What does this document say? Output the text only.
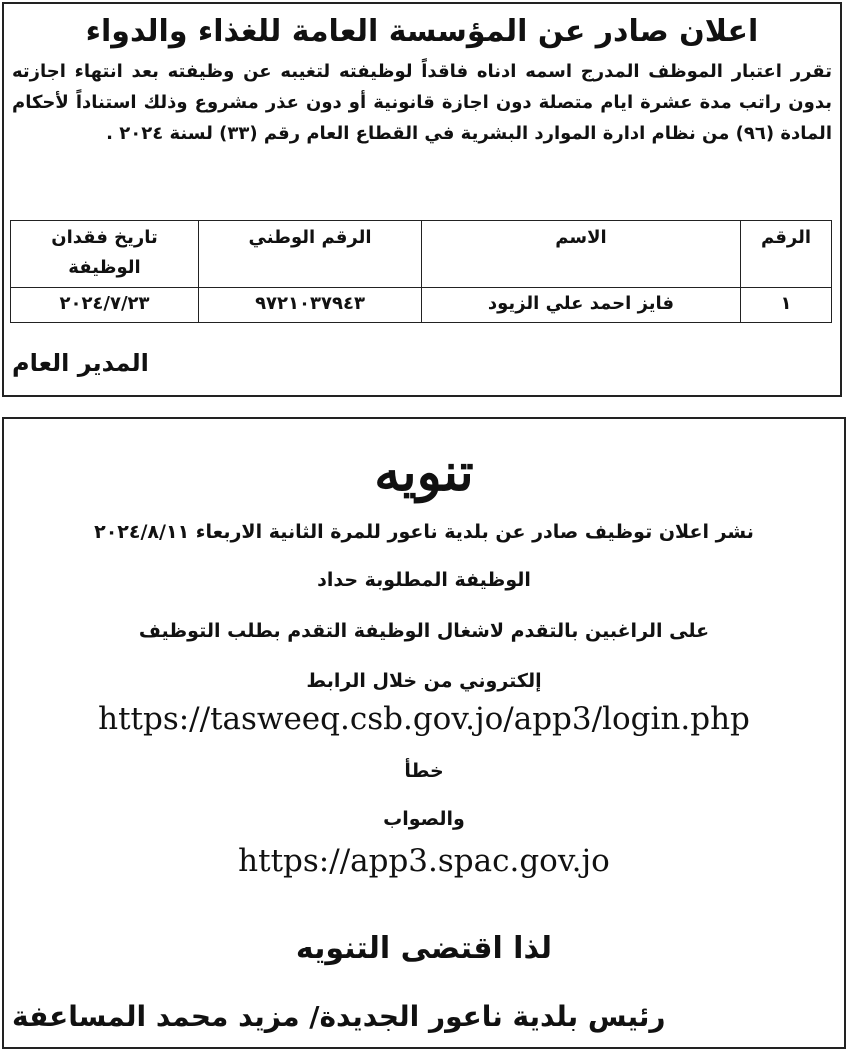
اعلان صادر عن المؤسسة العامة للغذاء والدواء
تقرر اعتبار الموظف المدرج اسمه ادناه فاقداً لوظيفته لتغيبه عن وظيفته بعد انتهاء اجازته بدون راتب مدة عشرة ايام متصلة دون اجازة قانونية أو دون عذر مشروع وذلك استناداً لأحكام المادة (٩٦) من نظام ادارة الموارد البشرية في القطاع العام رقم (٣٣) لسنة ٢٠٢٤ .
الرقم	الاسم	الرقم الوطني	تاريخ فقدان الوظيفة
١	فايز احمد علي الزيود	٩٧٢١٠٣٧٩٤٣	٢٠٢٤/٧/٢٣
المدير العام
تنويه
نشر اعلان توظيف صادر عن بلدية ناعور للمرة الثانية الاربعاء ٢٠٢٤/٨/١١
الوظيفة المطلوبة حداد
على الراغبين بالتقدم لاشغال الوظيفة التقدم بطلب التوظيف
إلكتروني من خلال الرابط
https://tasweeq.csb.gov.jo/app3/login.php
خطأ
والصواب
https://app3.spac.gov.jo
لذا اقتضى التنويه
رئيس بلدية ناعور الجديدة/ مزيد محمد المساعفة
